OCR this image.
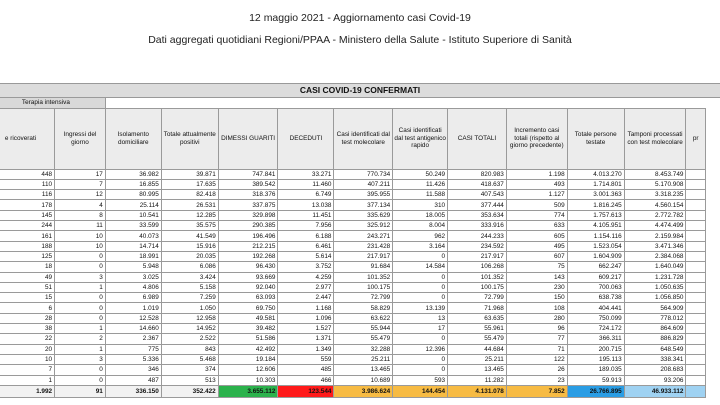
12 maggio 2021 - Aggiornamento casi Covid-19
Dati aggregati quotidiani Regioni/PPAA - Ministero della Salute - Istituto Superiore di Sanità
CASI COVID-19 CONFERMATI
Terapia intensiva												
e ricoverati	Ingressi del giorno	Isolamento domiciliare	Totale attualmente positivi	DIMESSI GUARITI	DECEDUTI	Casi identificati dal test molecolare	Casi identificati dal test antigenico rapido	CASI TOTALI	Incremento casi totali (rispetto al giorno precedente)	Totale persone testate	Tamponi processati con test molecolare	pr
448	17	36.982	39.871	747.841	33.271	770.734	50.249	820.983	1.198	4.013.270	8.453.749	
110	7	16.855	17.635	389.542	11.460	407.211	11.426	418.637	493	1.714.801	5.170.908	
116	12	80.995	82.418	318.376	6.749	395.955	11.588	407.543	1.127	3.001.363	3.318.235	
178	4	25.114	26.531	337.875	13.038	377.134	310	377.444	509	1.816.245	4.560.154	
145	8	10.541	12.285	329.898	11.451	335.629	18.005	353.634	774	1.757.613	2.772.782	
244	11	33.599	35.575	290.385	7.956	325.912	8.004	333.916	633	4.105.951	4.474.499	
161	10	40.073	41.549	196.496	6.188	243.271	962	244.233	605	1.154.116	2.159.984	
188	10	14.714	15.916	212.215	6.461	231.428	3.164	234.592	495	1.523.054	3.471.346	
125	0	18.991	20.035	192.268	5.614	217.917	0	217.917	607	1.604.909	2.384.068	
18	0	5.948	6.086	96.430	3.752	91.684	14.584	106.268	75	662.247	1.640.049	
49	3	3.025	3.424	93.669	4.259	101.352	0	101.352	143	609.217	1.231.728	
51	1	4.806	5.158	92.040	2.977	100.175	0	100.175	230	700.063	1.050.635	
15	0	6.989	7.259	63.093	2.447	72.799	0	72.799	150	638.738	1.056.850	
6	0	1.019	1.050	69.750	1.168	58.829	13.139	71.968	108	404.441	564.909	
28	0	12.528	12.958	49.581	1.096	63.622	13	63.635	280	750.099	778.012	
38	1	14.660	14.952	39.482	1.527	55.944	17	55.961	96	724.172	864.609	
22	2	2.367	2.522	51.586	1.371	55.479	0	55.479	77	366.311	886.829	
20	1	775	843	42.492	1.349	32.288	12.396	44.684	71	200.715	648.549	
10	3	5.336	5.468	19.184	559	25.211	0	25.211	122	195.113	338.341	
7	0	346	374	12.606	485	13.465	0	13.465	26	189.035	208.683	
1	0	487	513	10.303	466	10.689	593	11.282	23	59.913	93.206	
1.992	91	336.150	352.422	3.655.112	123.544	3.986.624	144.454	4.131.078	7.852	26.766.895	46.933.112	
